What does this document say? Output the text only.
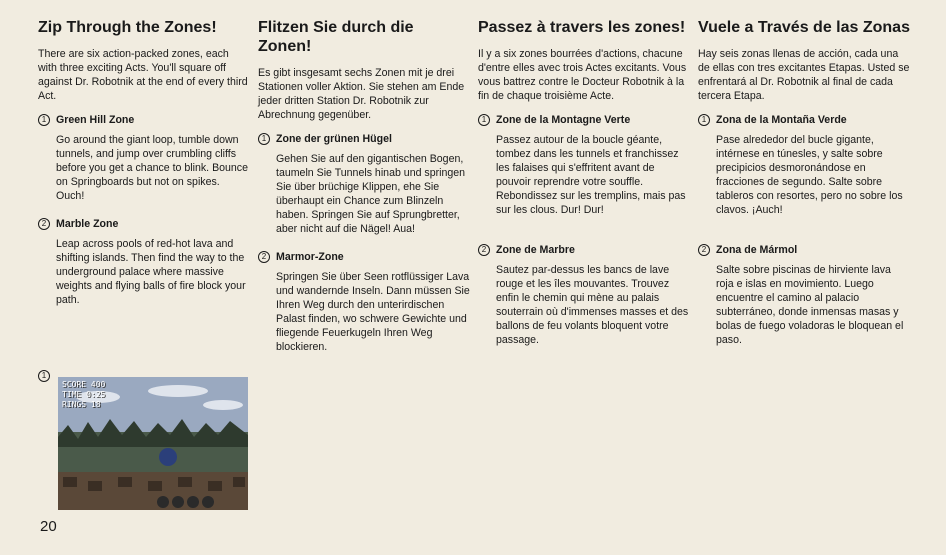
Zip Through the Zones!

There are six action-packed zones, each with three exciting Acts. You'll square off against Dr. Robotnik at the end of every third Act.

1 Green Hill Zone

Go around the giant loop, tumble down tunnels, and jump over crumbling cliffs before you get a chance to blink. Bounce on Springboards but not on spikes. Ouch!

2 Marble Zone

Leap across pools of red-hot lava and shifting islands. Then find the way to the underground palace where massive weights and flying balls of fire block your path.

1
SCORE 400
TIME 0:25
RINGS 18
Flitzen Sie durch die Zonen!

Es gibt insgesamt sechs Zonen mit je drei Stationen voller Aktion. Sie stehen am Ende jeder dritten Station Dr. Robotnik zur Abrechnung gegenüber.

1 Zone der grünen Hügel

Gehen Sie auf den gigantischen Bogen, taumeln Sie Tunnels hinab und springen Sie über brüchige Klippen, ehe Sie überhaupt ein Chance zum Blinzeln haben. Springen Sie auf Sprungbretter, aber nicht auf die Nägel! Aua!

2 Marmor-Zone

Springen Sie über Seen rotflüssiger Lava und wandernde Inseln. Dann müssen Sie Ihren Weg durch den unterirdischen Palast finden, wo schwere Gewichte und fliegende Feuerkugeln Ihren Weg blockieren.

Passez à travers les zones!

Il y a six zones bourrées d'actions, chacune d'entre elles avec trois Actes excitants. Vous vous battrez contre le Docteur Robotnik à la fin de chaque troisième Acte.

1 Zone de la Montagne Verte

Passez autour de la boucle géante, tombez dans les tunnels et franchissez les falaises qui s'effritent avant de pouvoir reprendre votre souffle. Rebondissez sur les tremplins, mais pas sur les clous. Dur! Dur!

2 Zone de Marbre

Sautez par-dessus les bancs de lave rouge et les îles mouvantes. Trouvez enfin le chemin qui mène au palais souterrain où d'immenses masses et des ballons de feu volants bloquent votre passage.

Vuele a Través de las Zonas

Hay seis zonas llenas de acción, cada una de ellas con tres excitantes Etapas. Usted se enfrentará al Dr. Robotnik al final de cada tercera Etapa.

1 Zona de la Montaña Verde

Pase alrededor del bucle gigante, intérnese en túnesles, y salte sobre precipicios desmoronándose en fracciones de segundo. Salte sobre tableros con resortes, pero no sobre los clavos. ¡Auch!

2 Zona de Mármol

Salte sobre piscinas de hirviente lava roja e islas en movimiento. Luego encuentre el camino al palacio subterráneo, donde inmensas masas y bolas de fuego voladoras le bloquean el paso.

20
